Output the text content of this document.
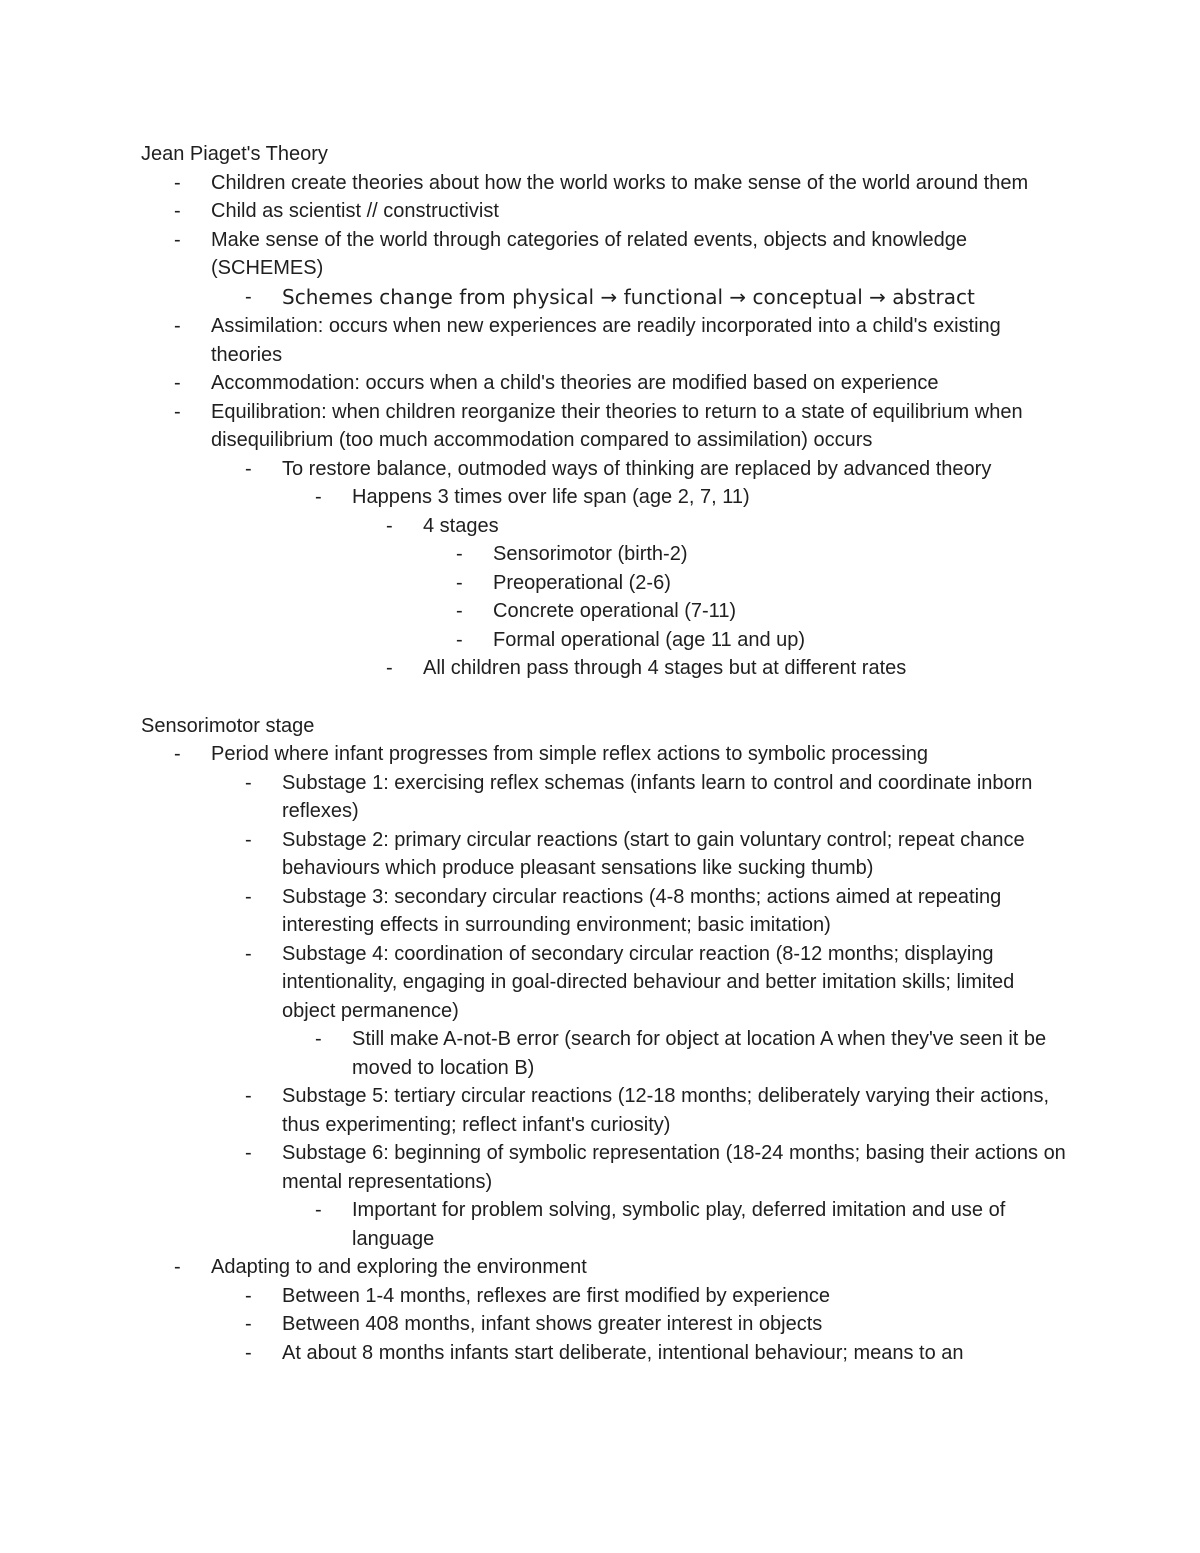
Jean Piaget's Theory

- Children create theories about how the world works to make sense of the world around them

- Child as scientist // constructivist

- Make sense of the world through categories of related events, objects and knowledge (SCHEMES)

- Schemes change from physical → functional → conceptual → abstract

- Assimilation: occurs when new experiences are readily incorporated into a child's existing theories

- Accommodation: occurs when a child's theories are modified based on experience

- Equilibration: when children reorganize their theories to return to a state of equilibrium when disequilibrium (too much accommodation compared to assimilation) occurs

- To restore balance, outmoded ways of thinking are replaced by advanced theory

- Happens 3 times over life span (age 2, 7, 11)

- 4 stages

- Sensorimotor (birth-2)

- Preoperational (2-6)

- Concrete operational (7-11)

- Formal operational (age 11 and up)

- All children pass through 4 stages but at different rates

Sensorimotor stage

- Period where infant progresses from simple reflex actions to symbolic processing

- Substage 1: exercising reflex schemas (infants learn to control and coordinate inborn reflexes)

- Substage 2: primary circular reactions (start to gain voluntary control; repeat chance behaviours which produce pleasant sensations like sucking thumb)

- Substage 3: secondary circular reactions (4-8 months; actions aimed at repeating interesting effects in surrounding environment; basic imitation)

- Substage 4: coordination of secondary circular reaction (8-12 months; displaying intentionality, engaging in goal-directed behaviour and better imitation skills; limited object permanence)

- Still make A-not-B error (search for object at location A when they've seen it be moved to location B)

- Substage 5: tertiary circular reactions (12-18 months; deliberately varying their actions, thus experimenting; reflect infant's curiosity)

- Substage 6: beginning of symbolic representation (18-24 months; basing their actions on mental representations)

- Important for problem solving, symbolic play, deferred imitation and use of language

- Adapting to and exploring the environment

- Between 1-4 months, reflexes are first modified by experience

- Between 408 months, infant shows greater interest in objects

- At about 8 months infants start deliberate, intentional behaviour; means to an
